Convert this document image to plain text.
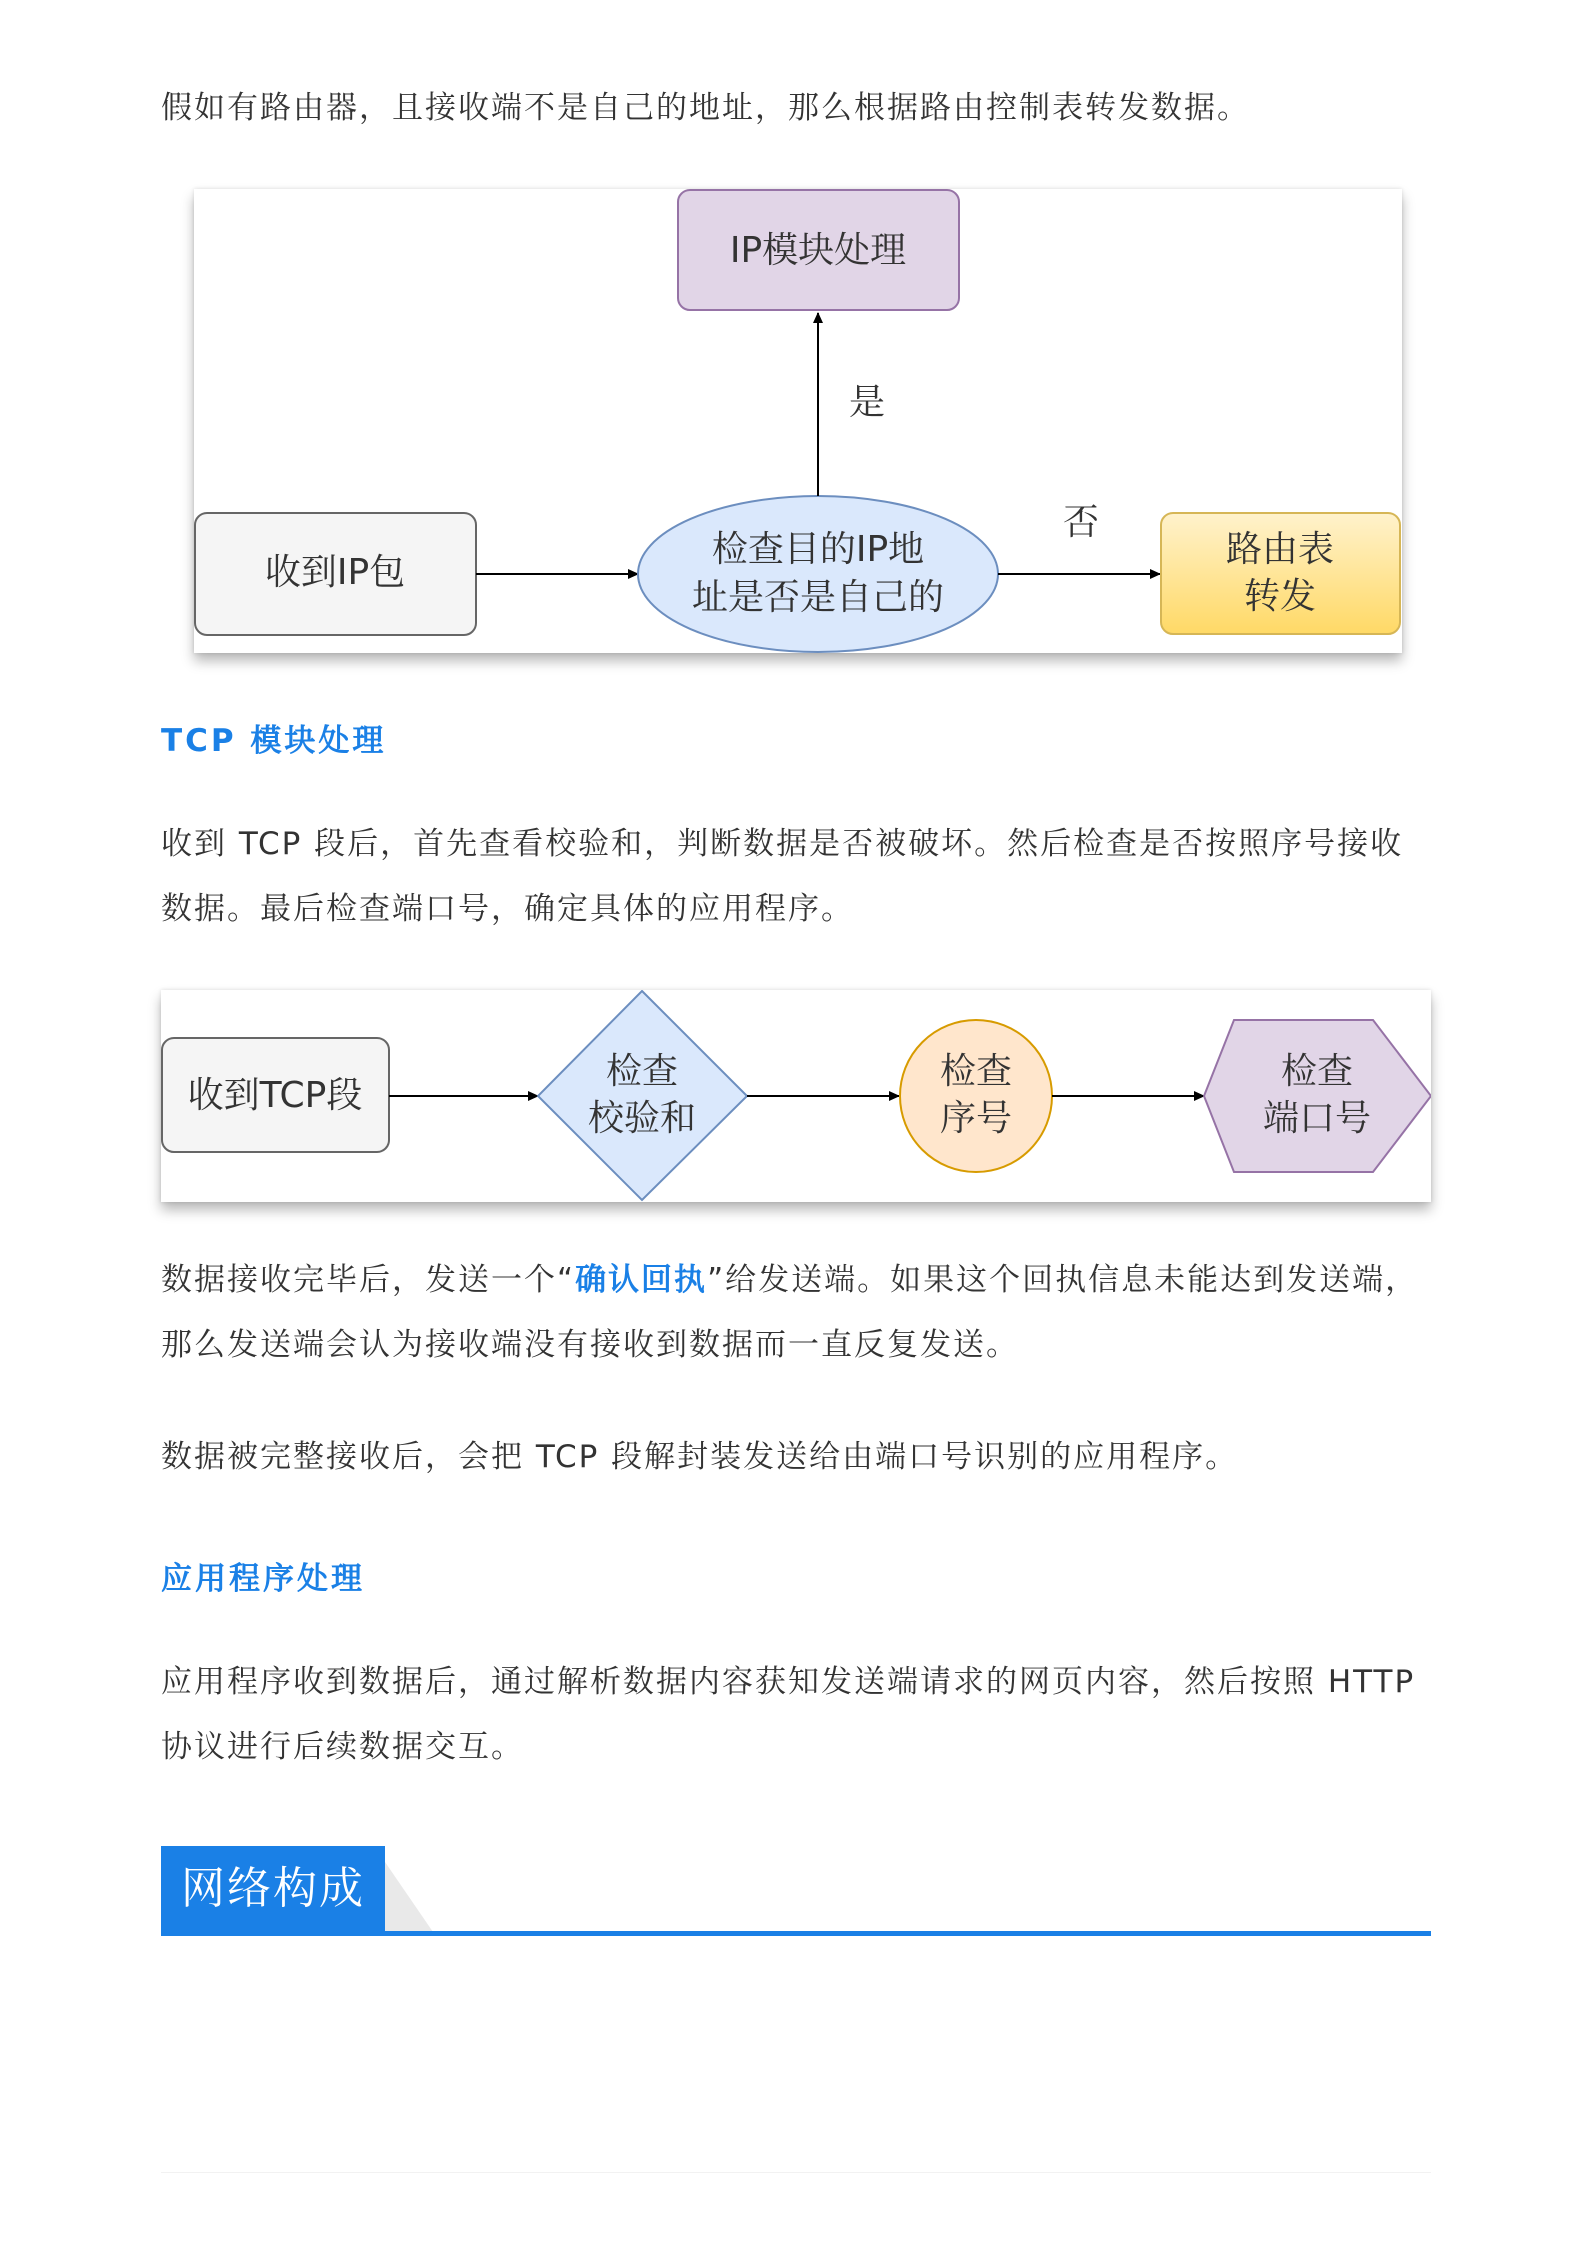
假如有路由器，且接收端不是自己的地址，那么根据路由控制表转发数据。

收到IP包
检查目的IP地
址是否是自己的
是
IP模块处理
否
路由表
转发
TCP 模块处理

收到 TCP 段后，首先查看校验和，判断数据是否被破坏。然后检查是否按照序号接收数据。最后检查端口号，确定具体的应用程序。

收到TCP段
检查
校验和
检查
序号
检查
端口号

数据接收完毕后，发送一个“确认回执”给发送端。如果这个回执信息未能达到发送端，那么发送端会认为接收端没有接收到数据而一直反复发送。

数据被完整接收后，会把 TCP 段解封装发送给由端口号识别的应用程序。

应用程序处理

应用程序收到数据后，通过解析数据内容获知发送端请求的网页内容，然后按照 HTTP 协议进行后续数据交互。

网络构成
